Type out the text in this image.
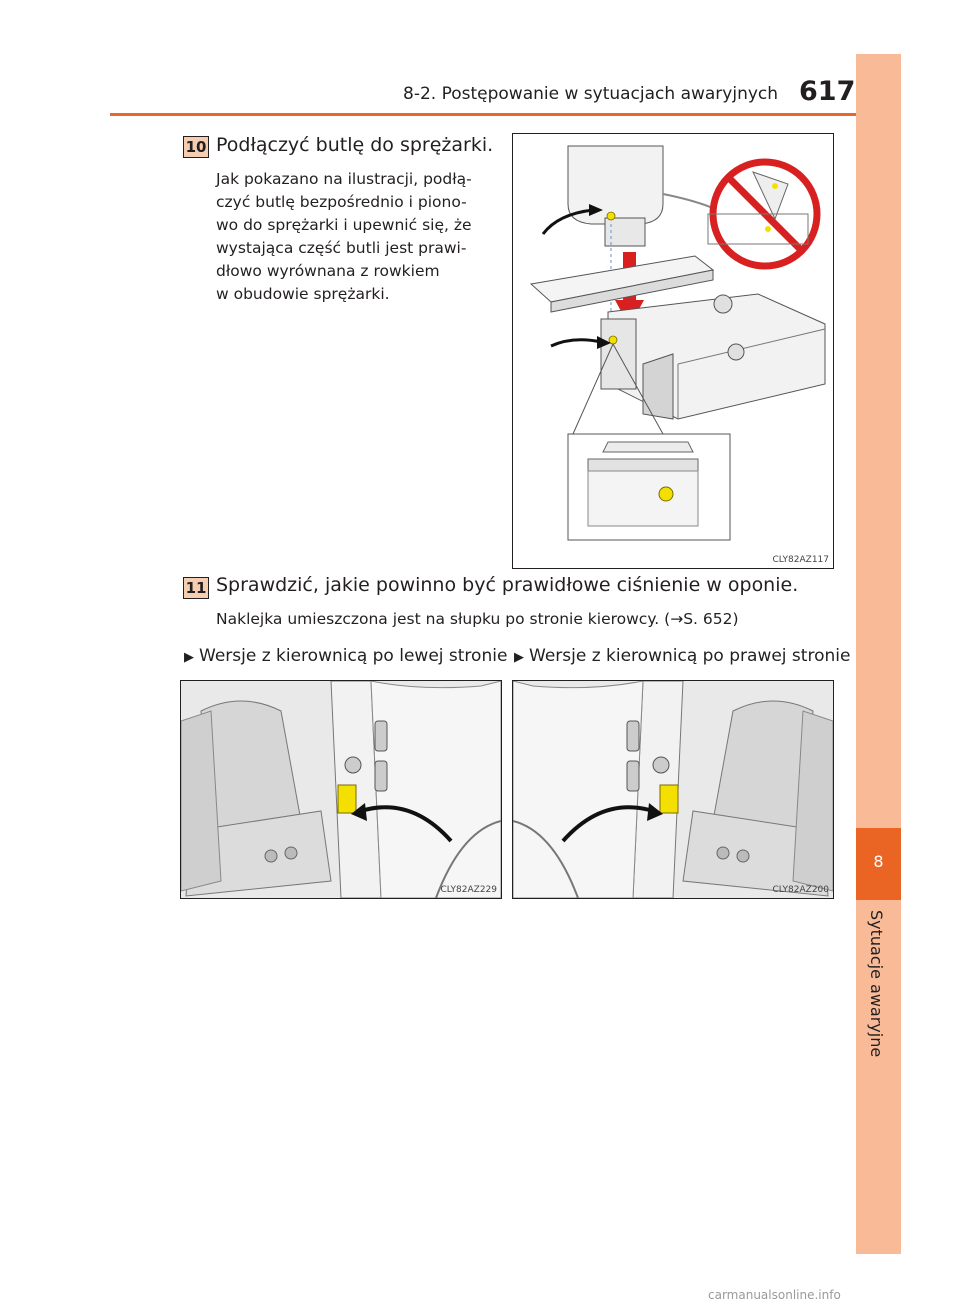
8-2. Postępowanie w sytuacjach awaryjnych 617
8
Sytuacje awaryjne
10 Podłączyć butlę do sprężarki.
Jak pokazano na ilustracji, podłą-
czyć butlę bezpośrednio i piono-
wo do sprężarki i upewnić się, że
wystająca część butli jest prawi-
dłowo wyrównana z rowkiem
w obudowie sprężarki.
CLY82AZ117
11 Sprawdzić, jakie powinno być prawidłowe ciśnienie w oponie.
Naklejka umieszczona jest na słupku po stronie kierowcy. (→S. 652)
▶ Wersje z kierownicą po lewej stronie ▶ Wersje z kierownicą po prawej stronie
CLY82AZ229	CLY82AZ200
carmanualsonline.info
